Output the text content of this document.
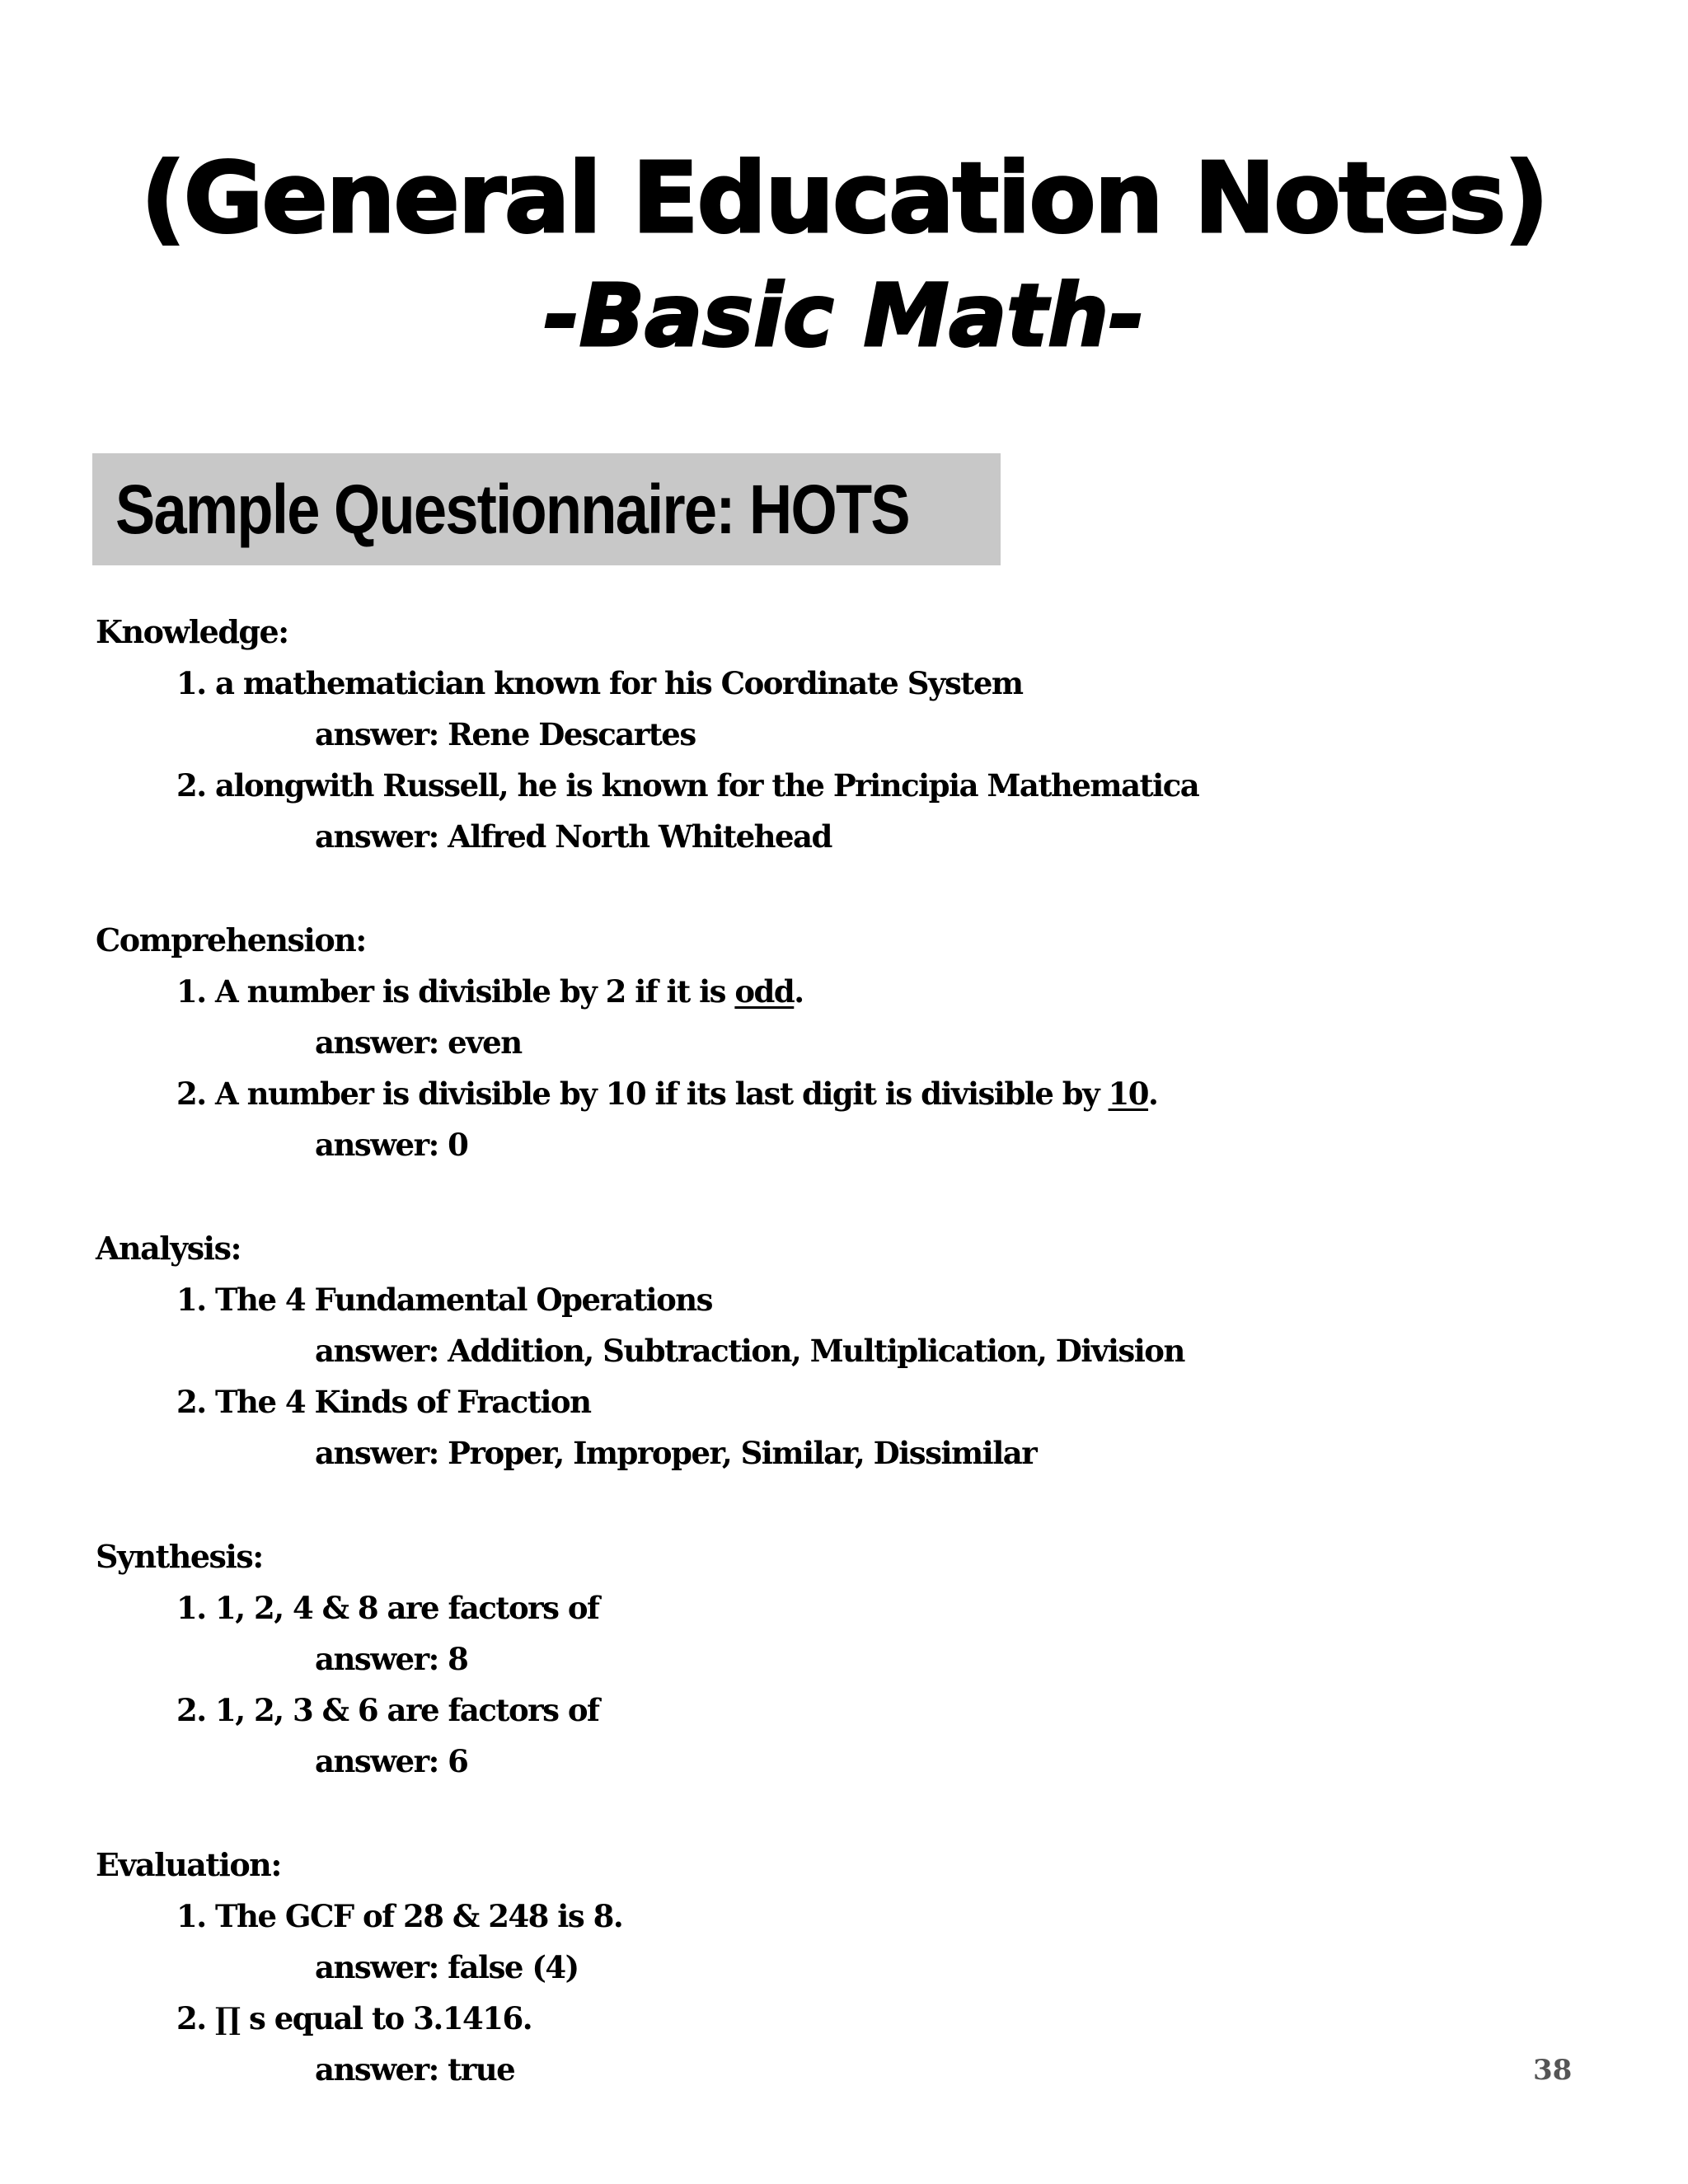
(General Education Notes)
-Basic Math-
Sample Questionnaire: HOTS
Knowledge:
1. a mathematician known for his Coordinate System
answer: Rene Descartes
2. alongwith Russell, he is known for the Principia Mathematica
answer: Alfred North Whitehead
Comprehension:
1. A number is divisible by 2 if it is odd.
answer: even
2. A number is divisible by 10 if its last digit is divisible by 10.
answer: 0
Analysis:
1. The 4 Fundamental Operations
answer: Addition, Subtraction, Multiplication, Division
2. The 4 Kinds of Fraction
answer: Proper, Improper, Similar, Dissimilar
Synthesis:
1. 1, 2, 4 & 8 are factors of
answer: 8
2. 1, 2, 3 & 6 are factors of
answer: 6
Evaluation:
1. The GCF of 28 & 248 is 8.
answer: false (4)
2. ∏ s equal to 3.1416.
answer: true	38
